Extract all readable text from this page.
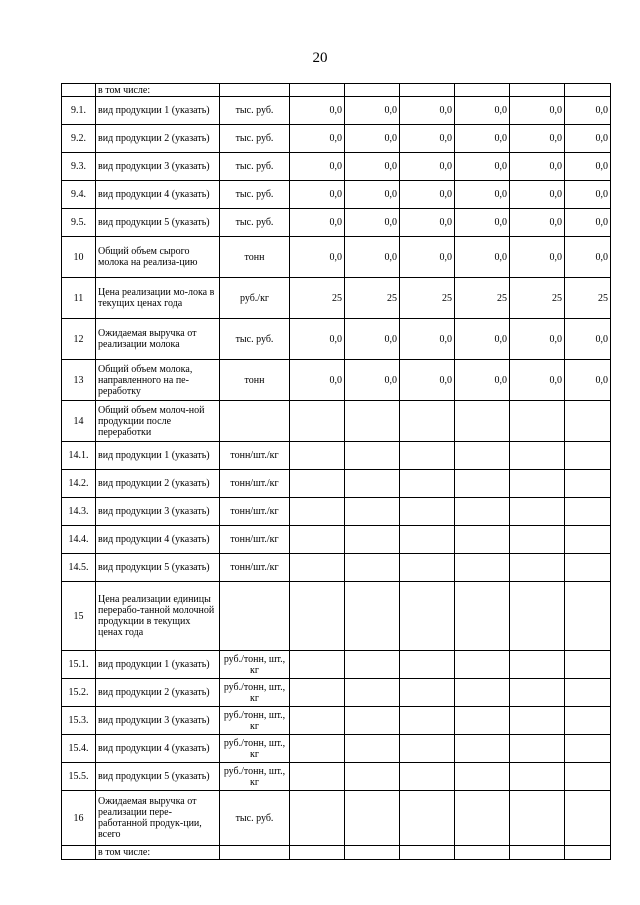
20
	в том числе:							
9.1.	вид продукции 1 (указать)	тыс. руб.	0,0	0,0	0,0	0,0	0,0	0,0
9.2.	вид продукции 2 (указать)	тыс. руб.	0,0	0,0	0,0	0,0	0,0	0,0
9.3.	вид продукции 3 (указать)	тыс. руб.	0,0	0,0	0,0	0,0	0,0	0,0
9.4.	вид продукции 4 (указать)	тыс. руб.	0,0	0,0	0,0	0,0	0,0	0,0
9.5.	вид продукции 5 (указать)	тыс. руб.	0,0	0,0	0,0	0,0	0,0	0,0
10	Общий объем сырого молока на реализа-цию	тонн	0,0	0,0	0,0	0,0	0,0	0,0
11	Цена реализации мо-лока в текущих ценах года	руб./кг	25	25	25	25	25	25
12	Ожидаемая выручка от реализации молока	тыс. руб.	0,0	0,0	0,0	0,0	0,0	0,0
13	Общий объем молока, направленного на пе-реработку	тонн	0,0	0,0	0,0	0,0	0,0	0,0
14	Общий объем молоч-ной продукции после переработки							
14.1.	вид продукции 1 (указать)	тонн/шт./кг						
14.2.	вид продукции 2 (указать)	тонн/шт./кг						
14.3.	вид продукции 3 (указать)	тонн/шт./кг						
14.4.	вид продукции 4 (указать)	тонн/шт./кг						
14.5.	вид продукции 5 (указать)	тонн/шт./кг						
15	Цена реализации единицы перерабо-танной молочной продукции в текущих ценах года							
15.1.	вид продукции 1 (указать)	руб./тонн, шт., кг						
15.2.	вид продукции 2 (указать)	руб./тонн, шт., кг						
15.3.	вид продукции 3 (указать)	руб./тонн, шт., кг						
15.4.	вид продукции 4 (указать)	руб./тонн, шт., кг						
15.5.	вид продукции 5 (указать)	руб./тонн, шт., кг						
16	Ожидаемая выручка от реализации пере-работанной продук-ции, всего	тыс. руб.						
	в том числе:							
